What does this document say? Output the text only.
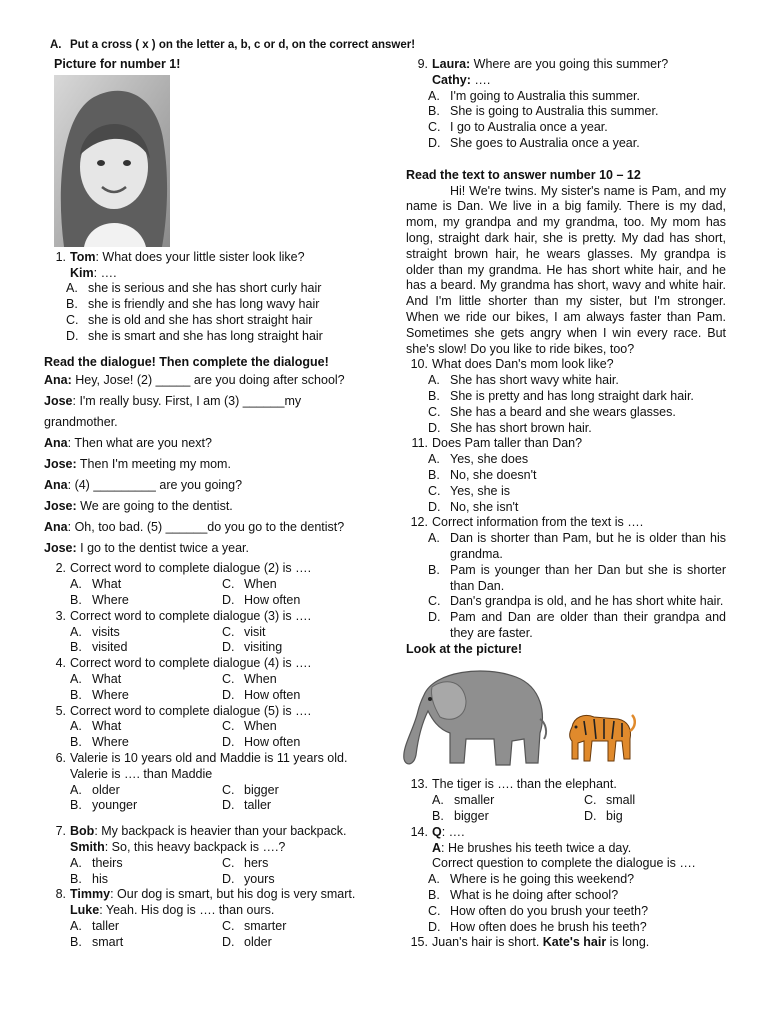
A. Put a cross ( x ) on the letter a, b, c or d, on the correct answer!
Picture for number 1!
1. Tom: What does your little sister look like?
Kim: ….
A. she is serious and she has short curly hair
B. she is friendly and she has long wavy hair
C. she is old and she has short straight hair
D. she is smart and she has long straight hair
Read the dialogue! Then complete the dialogue!

Ana: Hey, Jose! (2) _____ are you doing after school?

Jose: I'm really busy. First, I am (3) ______my

grandmother.

Ana: Then what are you next?

Jose: Then I'm meeting my mom.

Ana: (4) _________ are you going?

Jose: We are going to the dentist.

Ana: Oh, too bad. (5) ______do you go to the dentist?

Jose: I go to the dentist twice a year.

2. Correct word to complete dialogue (2) is ….
A. What	C. When
B. Where	D. How often
3. Correct word to complete dialogue (3) is ….
A. visits	C. visit
B. visited	D. visiting
4. Correct word to complete dialogue (4) is ….
A. What	C. When
B. Where	D. How often
5. Correct word to complete dialogue (5) is ….
A. What	C. When
B. Where	D. How often
6. Valerie is 10 years old and Maddie is 11 years old. Valerie is …. than Maddie
A. older	C. bigger
B. younger	D. taller
7. Bob: My backpack is heavier than your backpack.
Smith: So, this heavy backpack is ….?
A. theirs	C. hers
B. his	D. yours
8. Timmy: Our dog is smart, but his dog is very smart.
Luke: Yeah. His dog is …. than ours.
A. taller	C. smarter
B. smart	D. older
9. Laura: Where are you going this summer?
Cathy: ….
A. I'm going to Australia this summer.
B. She is going to Australia this summer.
C. I go to Australia once a year.
D. She goes to Australia once a year.
Read the text to answer number 10 – 12
Hi! We're twins. My sister's name is Pam, and my name is Dan. We live in a big family. There is my dad, mom, my grandpa and my grandma, too. My mom has long, straight dark hair, she is pretty. My dad has short, straight brown hair, he wears glasses. My grandpa is older than my grandma. He has short white hair, and he has a beard. My grandma has short, wavy and white hair. And I'm little shorter than my sister, but I'm stronger. When we ride our bikes, I am always faster than Pam. Sometimes she gets angry when I win every race. But she's slow! Do you like to ride bikes, too?
10. What does Dan's mom look like?
A. She has short wavy white hair.
B. She is pretty and has long straight dark hair.
C. She has a beard and she wears glasses.
D. She has short brown hair.
11. Does Pam taller than Dan?
A. Yes, she does
B. No, she doesn't
C. Yes, she is
D. No, she isn't
12. Correct information from the text is ….
A. Dan is shorter than Pam, but he is older than his grandma.
B. Pam is younger than her Dan but she is shorter than Dan.
C. Dan's grandpa is old, and he has short white hair.
D. Pam and Dan are older than their grandpa and they are faster.
Look at the picture!
13. The tiger is …. than the elephant.
A. smaller	C. small
B. bigger	D. big
14. Q: ….
A: He brushes his teeth twice a day.
Correct question to complete the dialogue is ….
A. Where is he going this weekend?
B. What is he doing after school?
C. How often do you brush your teeth?
D. How often does he brush his teeth?
15. Juan's hair is short. Kate's hair is long.
